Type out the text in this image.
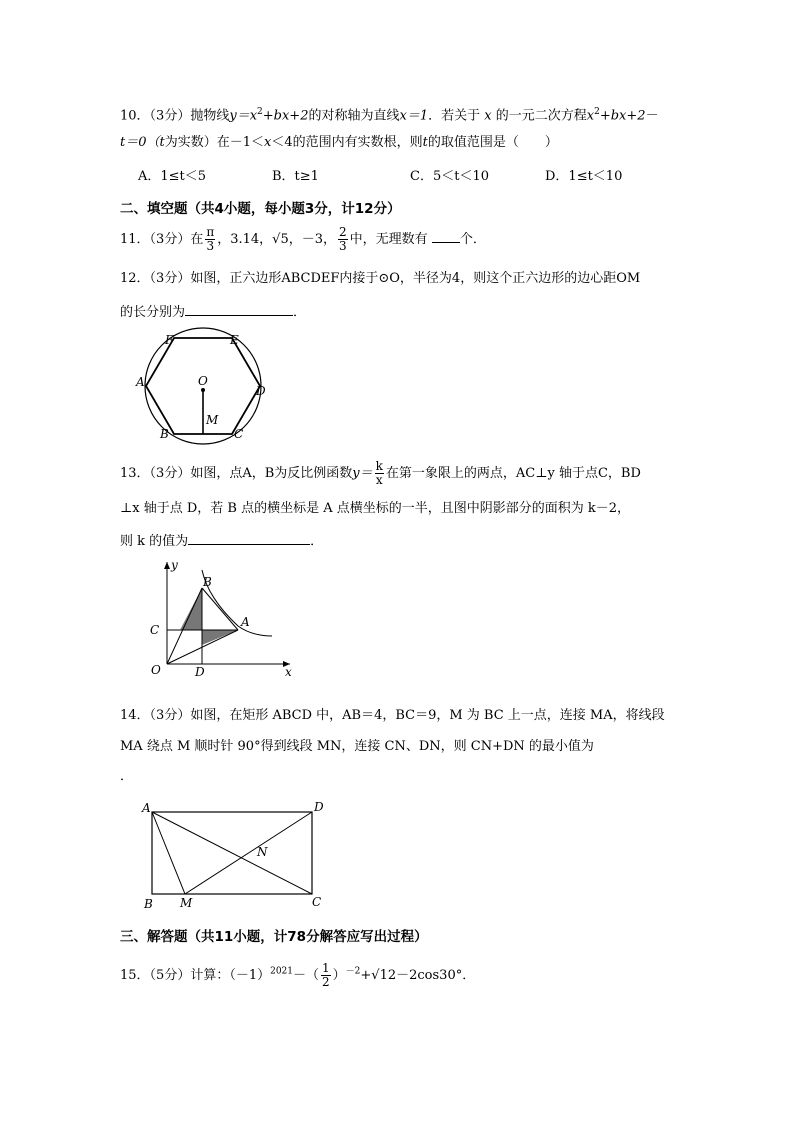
10．（3分）抛物线$y=x^2+bx+2$的对称轴为直线x＝1．若关于 x 的一元二次方程$x^2+bx+2-$
t＝0（t为实数）在－1＜x＜4的范围内有实数根，则t的取值范围是（　　）
A．1≤t＜5	B．t≥1	C．5＜t＜10	D．1≤t＜10
二、填空题（共4小题，每小题3分，计12分）
11．（3分）在 $\frac{\pi}{3}$ ，3.14，√5，－3， $\frac{2}{3}$ 中，无理数有 个．
12．（3分）如图，正六边形ABCDEF内接于⊙O，半径为4，则这个正六边形的边心距OM
的长分别为	．
F	E
A
D
O
M
B	C
13．（3分）如图，点A，B为反比例函数$y= \frac{k}{x}$ 在第一象限上的两点，AC⊥y 轴于点C，BD
⊥x 轴于点 D，若 B 点的横坐标是 A 点横坐标的一半，且图中阴影部分的面积为 k－2，
则 k 的值为	．
y
B
A
C
O	D	x
14．（3分）如图，在矩形 ABCD 中，AB＝4，BC＝9，M 为 BC 上一点，连接 MA，将线段
MA 绕点 M 顺时针 90°得到线段 MN，连接 CN、DN，则 CN+DN 的最小值为
．
A	D
N
B M	C
三、解答题（共11小题，计78分解答应写出过程）
15．（5分）计算：$(-1)^{2021}-( \frac{1}{2} )^{-2}+√12-2\cos 30^\circ$．
